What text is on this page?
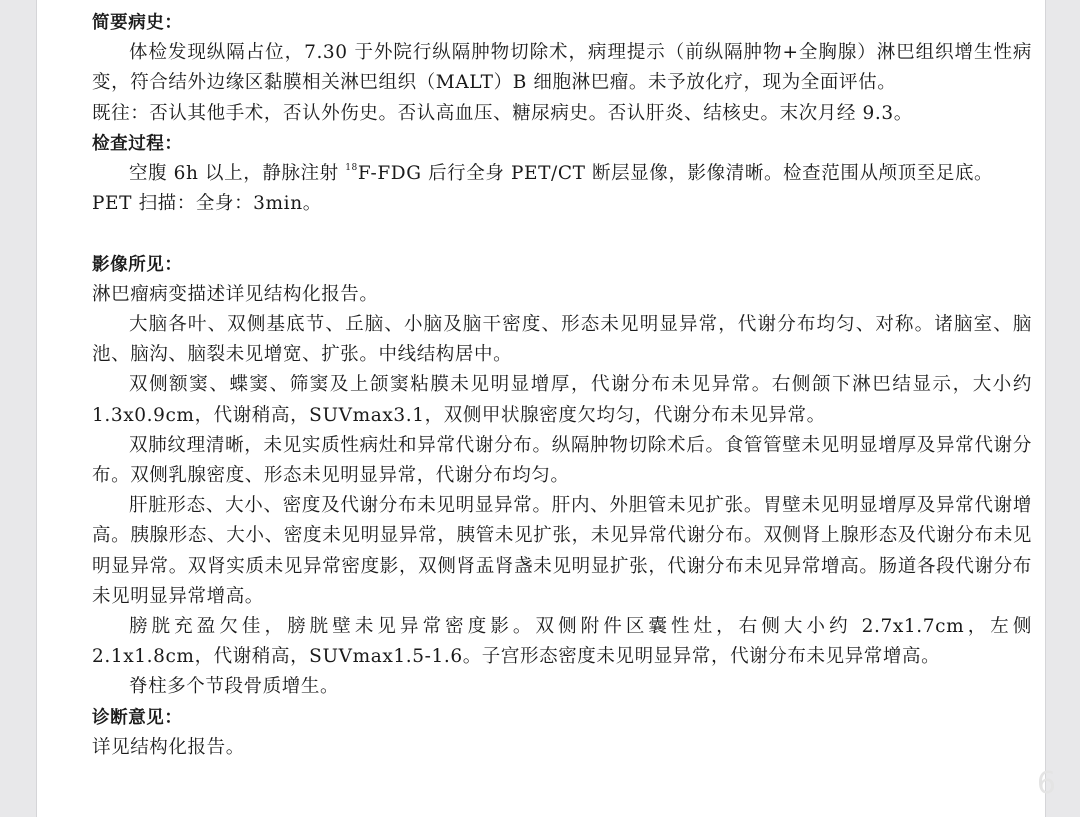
简要病史：

体检发现纵隔占位，7.30 于外院行纵隔肿物切除术，病理提示（前纵隔肿物+全胸腺）淋巴组织增生性病变，符合结外边缘区黏膜相关淋巴组织（MALT）B 细胞淋巴瘤。未予放化疗，现为全面评估。

既往：否认其他手术，否认外伤史。否认高血压、糖尿病史。否认肝炎、结核史。末次月经 9.3。

检查过程：

空腹 6h 以上，静脉注射 $^{18}$F-FDG 后行全身 PET/CT 断层显像，影像清晰。检查范围从颅顶至足底。

PET 扫描：全身：3min。

影像所见：

淋巴瘤病变描述详见结构化报告。

大脑各叶、双侧基底节、丘脑、小脑及脑干密度、形态未见明显异常，代谢分布均匀、对称。诸脑室、脑池、脑沟、脑裂未见增宽、扩张。中线结构居中。

双侧额窦、蝶窦、筛窦及上颌窦粘膜未见明显增厚，代谢分布未见异常。右侧颌下淋巴结显示，大小约 1.3x0.9cm，代谢稍高，SUVmax3.1，双侧甲状腺密度欠均匀，代谢分布未见异常。

双肺纹理清晰，未见实质性病灶和异常代谢分布。纵隔肿物切除术后。食管管壁未见明显增厚及异常代谢分布。双侧乳腺密度、形态未见明显异常，代谢分布均匀。

肝脏形态、大小、密度及代谢分布未见明显异常。肝内、外胆管未见扩张。胃壁未见明显增厚及异常代谢增高。胰腺形态、大小、密度未见明显异常，胰管未见扩张，未见异常代谢分布。双侧肾上腺形态及代谢分布未见明显异常。双肾实质未见异常密度影，双侧肾盂肾盏未见明显扩张，代谢分布未见异常增高。肠道各段代谢分布未见明显异常增高。

膀胱充盈欠佳，膀胱壁未见异常密度影。双侧附件区囊性灶，右侧大小约 2.7x1.7cm，左侧 2.1x1.8cm，代谢稍高，SUVmax1.5-1.6。子宫形态密度未见明显异常，代谢分布未见异常增高。

脊柱多个节段骨质增生。

诊断意见：

详见结构化报告。

6
